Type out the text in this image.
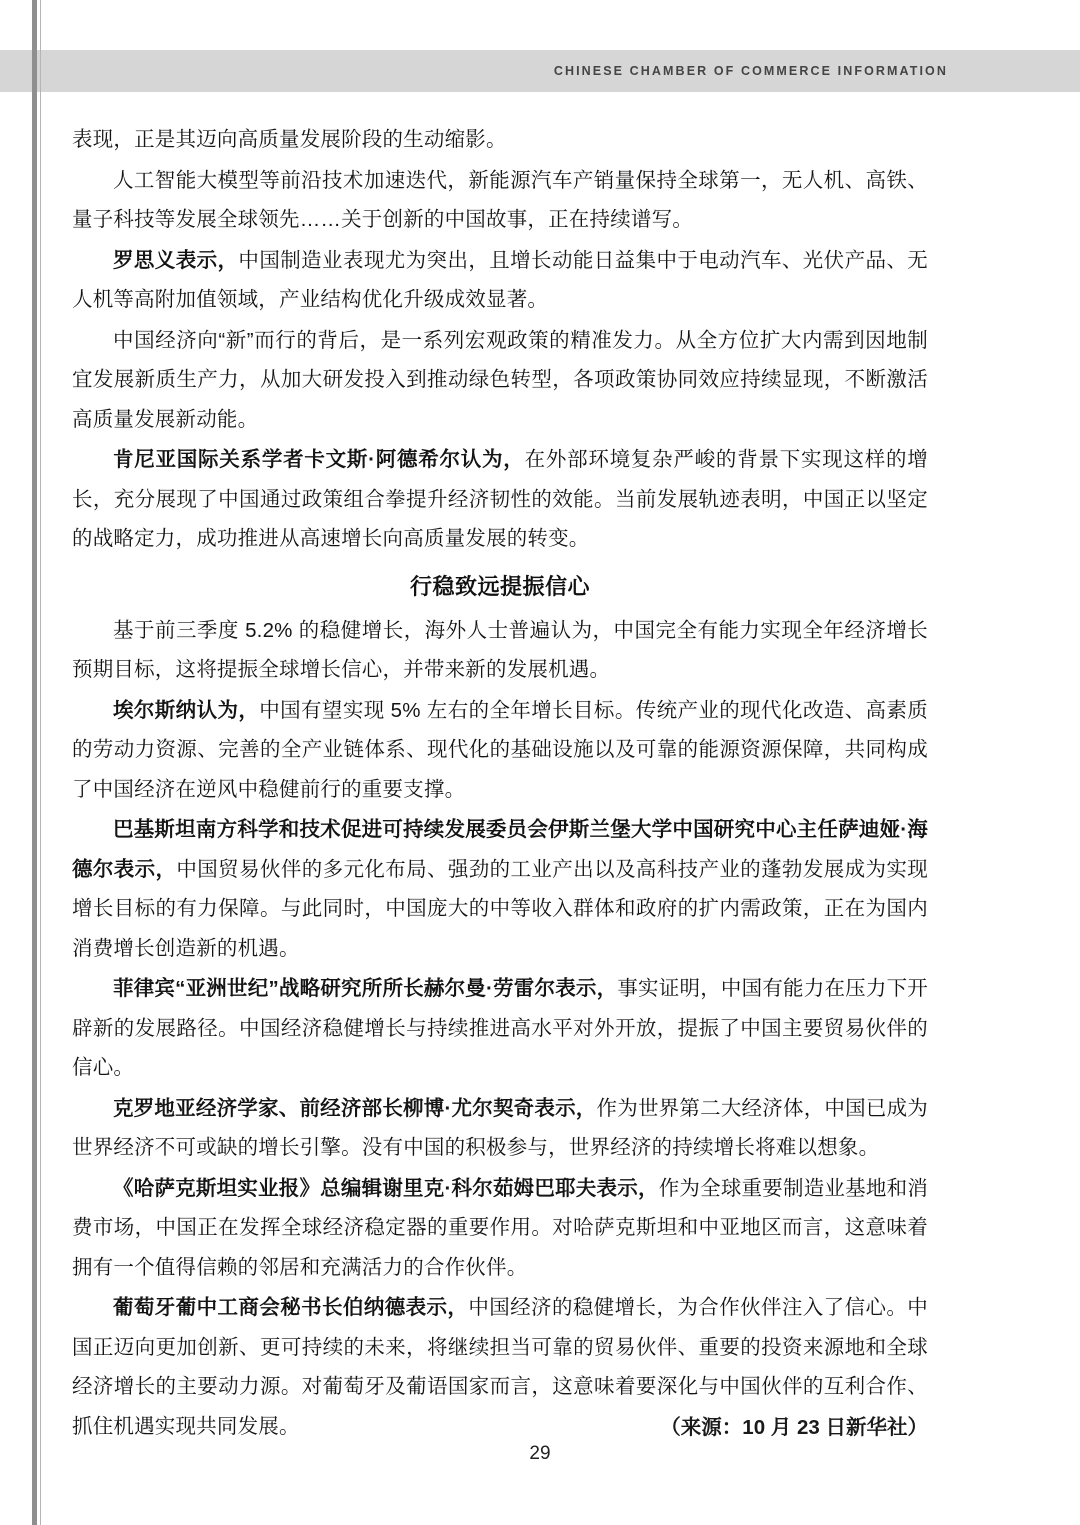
CHINESE CHAMBER OF COMMERCE INFORMATION

表现，正是其迈向高质量发展阶段的生动缩影。

人工智能大模型等前沿技术加速迭代，新能源汽车产销量保持全球第一，无人机、高铁、量子科技等发展全球领先……关于创新的中国故事，正在持续谱写。

罗思义表示，中国制造业表现尤为突出，且增长动能日益集中于电动汽车、光伏产品、无人机等高附加值领域，产业结构优化升级成效显著。

中国经济向“新”而行的背后，是一系列宏观政策的精准发力。从全方位扩大内需到因地制宜发展新质生产力，从加大研发投入到推动绿色转型，各项政策协同效应持续显现，不断激活高质量发展新动能。

肯尼亚国际关系学者卡文斯·阿德希尔认为，在外部环境复杂严峻的背景下实现这样的增长，充分展现了中国通过政策组合拳提升经济韧性的效能。当前发展轨迹表明，中国正以坚定的战略定力，成功推进从高速增长向高质量发展的转变。

行稳致远提振信心

基于前三季度 5.2% 的稳健增长，海外人士普遍认为，中国完全有能力实现全年经济增长预期目标，这将提振全球增长信心，并带来新的发展机遇。

埃尔斯纳认为，中国有望实现 5% 左右的全年增长目标。传统产业的现代化改造、高素质的劳动力资源、完善的全产业链体系、现代化的基础设施以及可靠的能源资源保障，共同构成了中国经济在逆风中稳健前行的重要支撑。

巴基斯坦南方科学和技术促进可持续发展委员会伊斯兰堡大学中国研究中心主任萨迪娅·海德尔表示，中国贸易伙伴的多元化布局、强劲的工业产出以及高科技产业的蓬勃发展成为实现增长目标的有力保障。与此同时，中国庞大的中等收入群体和政府的扩内需政策，正在为国内消费增长创造新的机遇。

菲律宾“亚洲世纪”战略研究所所长赫尔曼·劳雷尔表示，事实证明，中国有能力在压力下开辟新的发展路径。中国经济稳健增长与持续推进高水平对外开放，提振了中国主要贸易伙伴的信心。

克罗地亚经济学家、前经济部长柳博·尤尔契奇表示，作为世界第二大经济体，中国已成为世界经济不可或缺的增长引擎。没有中国的积极参与，世界经济的持续增长将难以想象。

《哈萨克斯坦实业报》总编辑谢里克·科尔茹姆巴耶夫表示，作为全球重要制造业基地和消费市场，中国正在发挥全球经济稳定器的重要作用。对哈萨克斯坦和中亚地区而言，这意味着拥有一个值得信赖的邻居和充满活力的合作伙伴。

葡萄牙葡中工商会秘书长伯纳德表示，中国经济的稳健增长，为合作伙伴注入了信心。中国正迈向更加创新、更可持续的未来，将继续担当可靠的贸易伙伴、重要的投资来源地和全球经济增长的主要动力源。对葡萄牙及葡语国家而言，这意味着要深化与中国伙伴的互利合作、抓住机遇实现共同发展。	（来源：10 月 23 日新华社）
29
